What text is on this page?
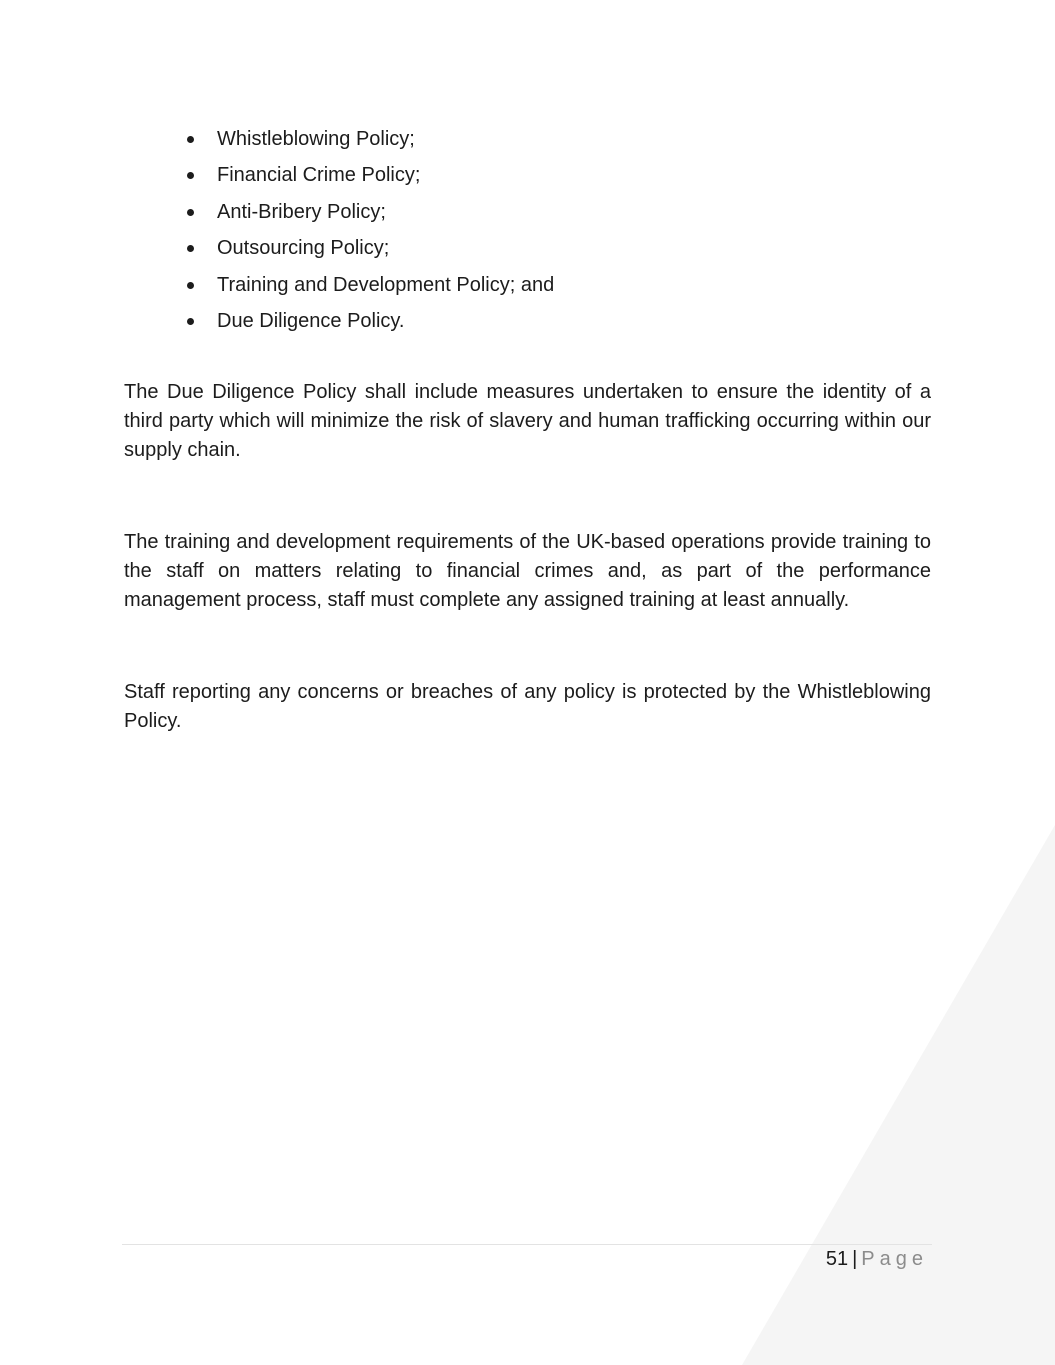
Whistleblowing Policy;
Financial Crime Policy;
Anti-Bribery Policy;
Outsourcing Policy;
Training and Development Policy; and
Due Diligence Policy.

The Due Diligence Policy shall include measures undertaken to ensure the identity of a third party which will minimize the risk of slavery and human trafficking occurring within our supply chain.

The training and development requirements of the UK-based operations provide training to the staff on matters relating to financial crimes and, as part of the performance management process, staff must complete any assigned training at least annually.

Staff reporting any concerns or breaches of any policy is protected by the Whistleblowing Policy.

51 | Page
